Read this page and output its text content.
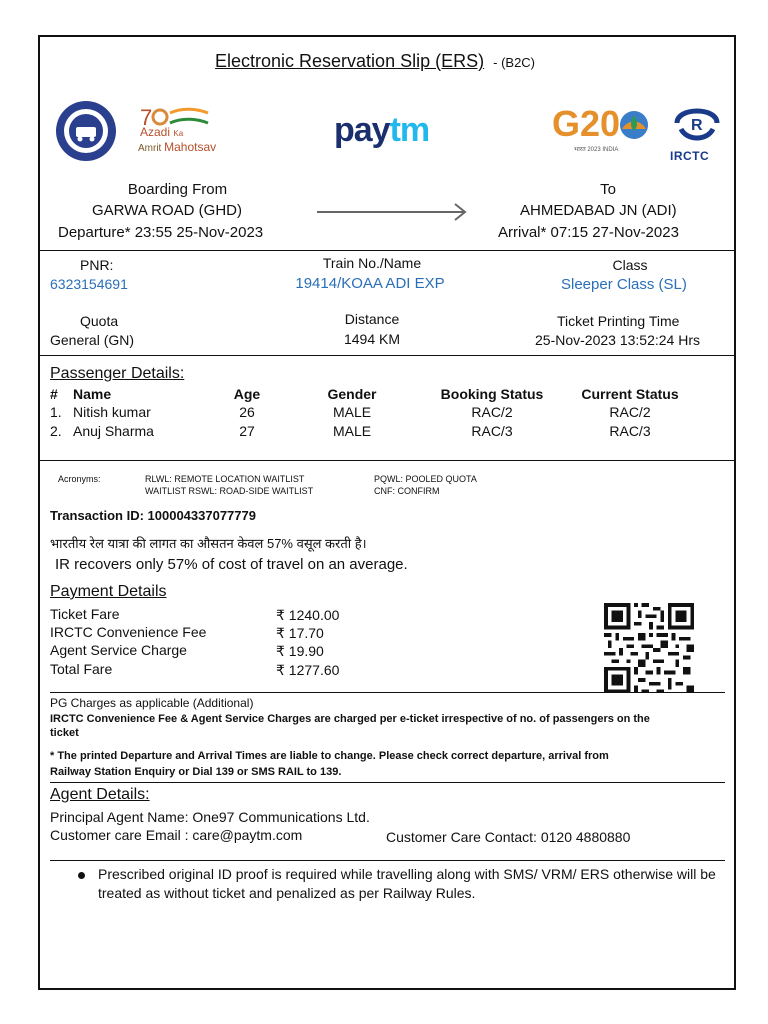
Electronic Reservation Slip (ERS) - (B2C)
7
Azadi Ka
Amrit Mahotsav	paytm	G20
भारत 2023 INDIA
R
IRCTC
Boarding From
GARWA ROAD (GHD)
Departure* 23:55 25-Nov-2023
To
AHMEDABAD JN (ADI)
Arrival* 07:15 27-Nov-2023
PNR:
6323154691
Train No./Name
19414/KOAA ADI EXP
Class
Sleeper Class (SL)
Quota
General (GN)
Distance
1494 KM
Ticket Printing Time
25-Nov-2023 13:52:24 Hrs
Passenger Details:
# Name	Age	Gender	Booking Status	Current Status
1. Nitish kumar	26	MALE	RAC/2	RAC/2
2. Anuj Sharma	27	MALE	RAC/3	RAC/3
Acronyms:	RLWL: REMOTE LOCATION WAITLIST
WAITLIST RSWL: ROAD-SIDE WAITLIST
PQWL: POOLED QUOTA
CNF: CONFIRM
Transaction ID: 100004337077779
भारतीय रेल यात्रा की लागत का औसतन केवल 57% वसूल करती है।
IR recovers only 57% of cost of travel on an average.
Payment Details
Ticket Fare	₹ 1240.00
IRCTC Convenience Fee	₹ 17.70
Agent Service Charge	₹ 19.90
Total Fare	₹ 1277.60
PG Charges as applicable (Additional)
IRCTC Convenience Fee & Agent Service Charges are charged per e-ticket irrespective of no. of passengers on the
ticket
* The printed Departure and Arrival Times are liable to change. Please check correct departure, arrival from
Railway Station Enquiry or Dial 139 or SMS RAIL to 139.
Agent Details:
Principal Agent Name: One97 Communications Ltd.
Customer care Email : care@paytm.com	Customer Care Contact: 0120 4880880
Prescribed original ID proof is required while travelling along with SMS/ VRM/ ERS otherwise will be
treated as without ticket and penalized as per Railway Rules.
